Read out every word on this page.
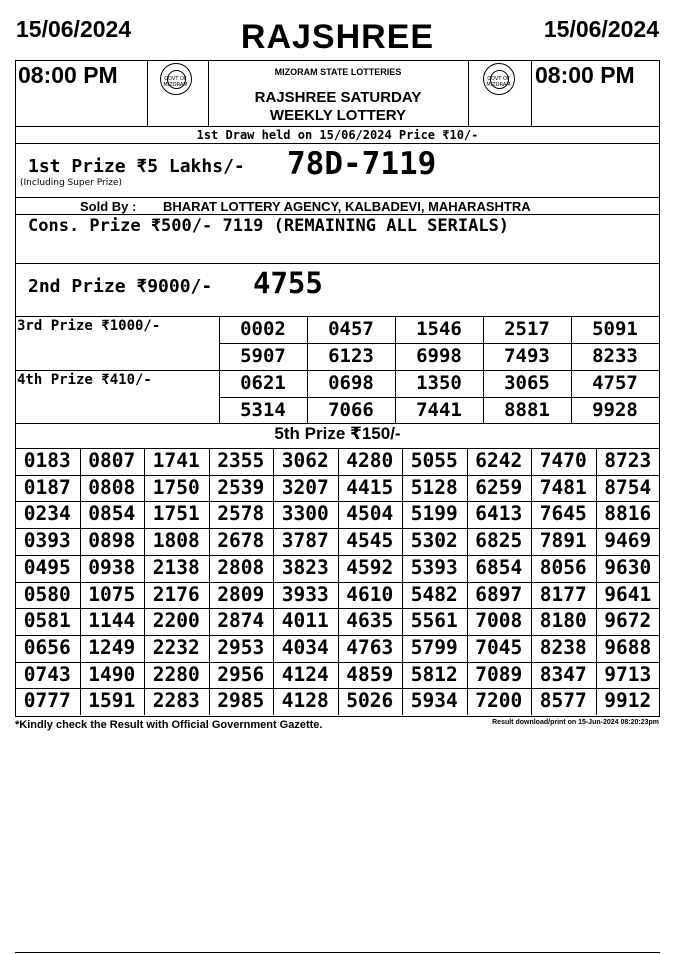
15/06/2024	RAJSHREE	15/06/2024
08:00 PM	08:00 PM
GOVT OF MIZORAM
GOVT OF MIZORAM
MIZORAM STATE LOTTERIES
RAJSHREE SATURDAY
WEEKLY LOTTERY
1st Draw held on 15/06/2024 Price ₹10/-
1st Prize ₹5 Lakhs/-
(Including Super Prize)
78D-7119
Sold By : BHARAT LOTTERY AGENCY, KALBADEVI, MAHARASHTRA
Cons. Prize ₹500/- 7119 (REMAINING ALL SERIALS)
2nd Prize ₹9000/- 4755
3rd Prize ₹1000/-
4th Prize ₹410/-
0002	0457	1546	2517	5091
5907	6123	6998	7493	8233
0621	0698	1350	3065	4757
5314	7066	7441	8881	9928
5th Prize ₹150/-
0183 0807 1741 2355 3062 4280 5055 6242 7470 8723
0187 0808 1750 2539 3207 4415 5128 6259 7481 8754
0234 0854 1751 2578 3300 4504 5199 6413 7645 8816
0393 0898 1808 2678 3787 4545 5302 6825 7891 9469
0495 0938 2138 2808 3823 4592 5393 6854 8056 9630
0580 1075 2176 2809 3933 4610 5482 6897 8177 9641
0581 1144 2200 2874 4011 4635 5561 7008 8180 9672
0656 1249 2232 2953 4034 4763 5799 7045 8238 9688
0743 1490 2280 2956 4124 4859 5812 7089 8347 9713
0777 1591 2283 2985 4128 5026 5934 7200 8577 9912
*Kindly check the Result with Official Government Gazette.	Result download/print on 15-Jun-2024 08:20:23pm
